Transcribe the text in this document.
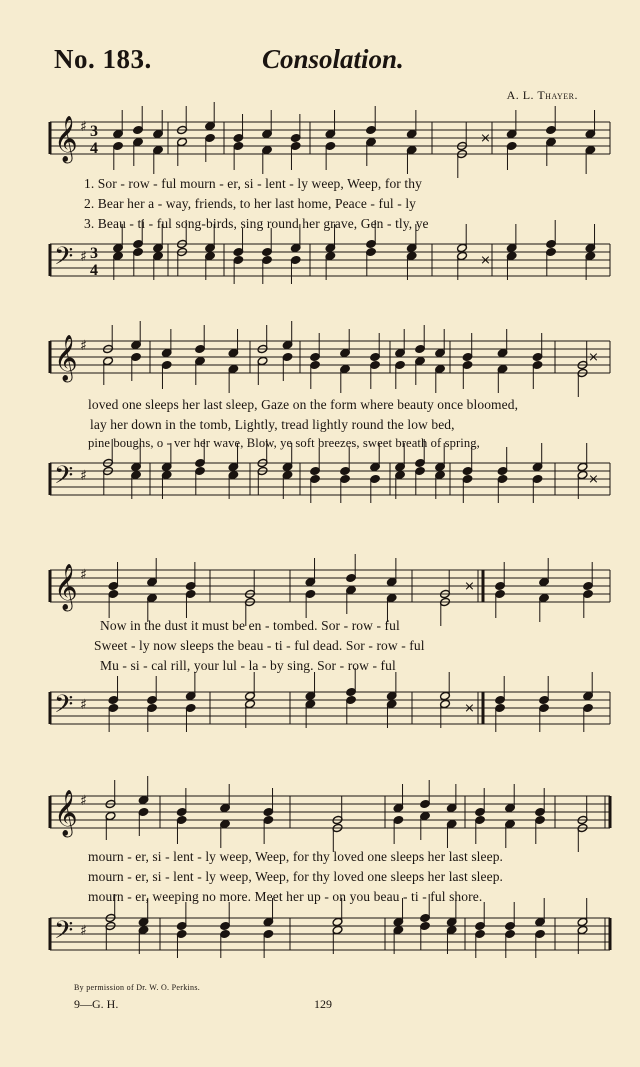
No. 183.	Consolation.
A. L. Thayer.
𝄞
𝄢
♯
♯
3
4
3
4
⨯
⨯
𝄞
𝄢
♯
♯
⨯
⨯
𝄞
𝄢
♯
♯
⨯
⨯
𝄞
𝄢
♯
♯
1. Sor - row - ful mourn - er, si - lent - ly weep, Weep, for thy
2. Bear her a - way, friends, to her last home, Peace - ful - ly
3. Beau - ti - ful song-birds, sing round her grave, Gen - tly, ye
loved one sleeps her last sleep, Gaze on the form where beauty once bloomed,
lay her down in the tomb, Lightly, tread lightly round the low bed,
pine boughs, o - ver her wave, Blow, ye soft breezes, sweet breath of spring,
Now in the dust it must be en - tombed. Sor - row - ful
Sweet - ly now sleeps the beau - ti - ful dead. Sor - row - ful
Mu - si - cal rill, your lul - la - by sing. Sor - row - ful
mourn - er, si - lent - ly weep, Weep, for thy loved one sleeps her last sleep.
mourn - er, si - lent - ly weep, Weep, for thy loved one sleeps her last sleep.
mourn - er, weeping no more. Meet her up - on you beau - ti - ful shore.
By permission of Dr. W. O. Perkins.
9—G. H.	129
